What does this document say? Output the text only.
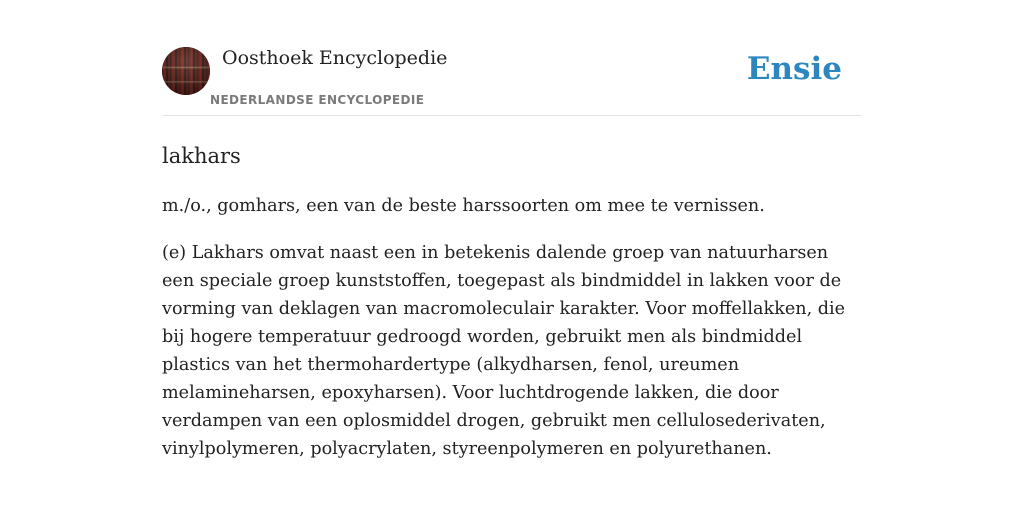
Oosthoek Encyclopedie
NEDERLANDSE ENCYCLOPEDIE
Ensie
lakhars

m./o., gomhars, een van de beste harssoorten om mee te vernissen.

(e) Lakhars omvat naast een in betekenis dalende groep van natuurharsen een speciale groep kunststoffen, toegepast als bindmiddel in lakken voor de vorming van deklagen van macromoleculair karakter. Voor moffellakken, die bij hogere temperatuur gedroogd worden, gebruikt men als bindmiddel plastics van het thermohardertype (alkydharsen, fenol, ureumen melamineharsen, epoxyharsen). Voor luchtdrogende lakken, die door verdampen van een oplosmiddel drogen, gebruikt men cellulosederivaten, vinylpolymeren, polyacrylaten, styreenpolymeren en polyurethanen.
